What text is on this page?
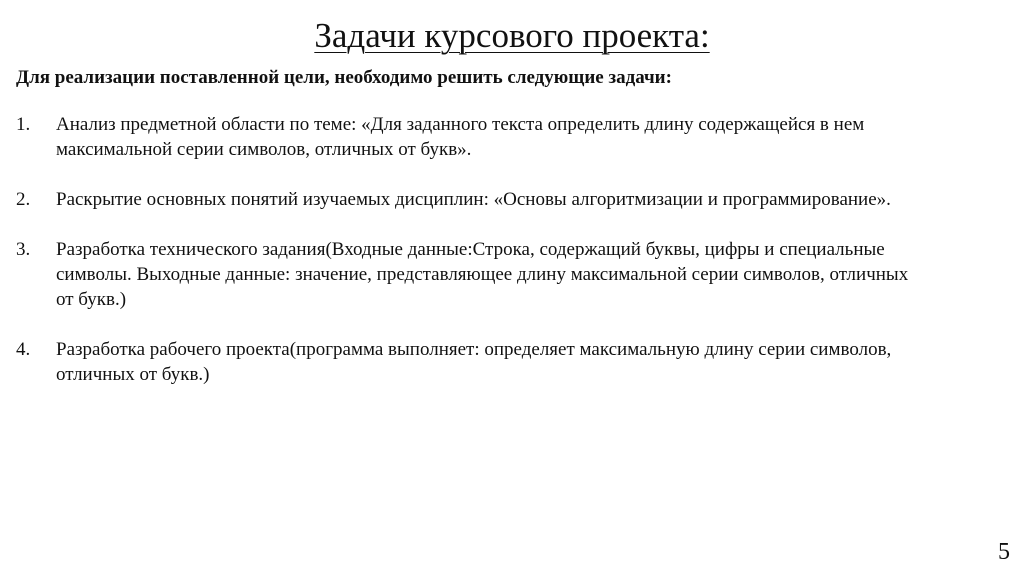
Задачи курсового проекта:
Для реализации поставленной цели, необходимо решить следующие задачи:
1.	Анализ предметной области по теме: «Для заданного текста определить длину содержащейся в нем максимальной серии символов, отличных от букв».
2.	Раскрытие основных понятий изучаемых дисциплин: «Основы алгоритмизации и программирование».
3.	Разработка технического задания(Входные данные:Строка, содержащий буквы, цифры и специальные символы. Выходные данные: значение, представляющее длину максимальной серии символов, отличных от букв.)
4.	Разработка рабочего проекта(программа выполняет: определяет максимальную длину серии символов, отличных от букв.)
5
